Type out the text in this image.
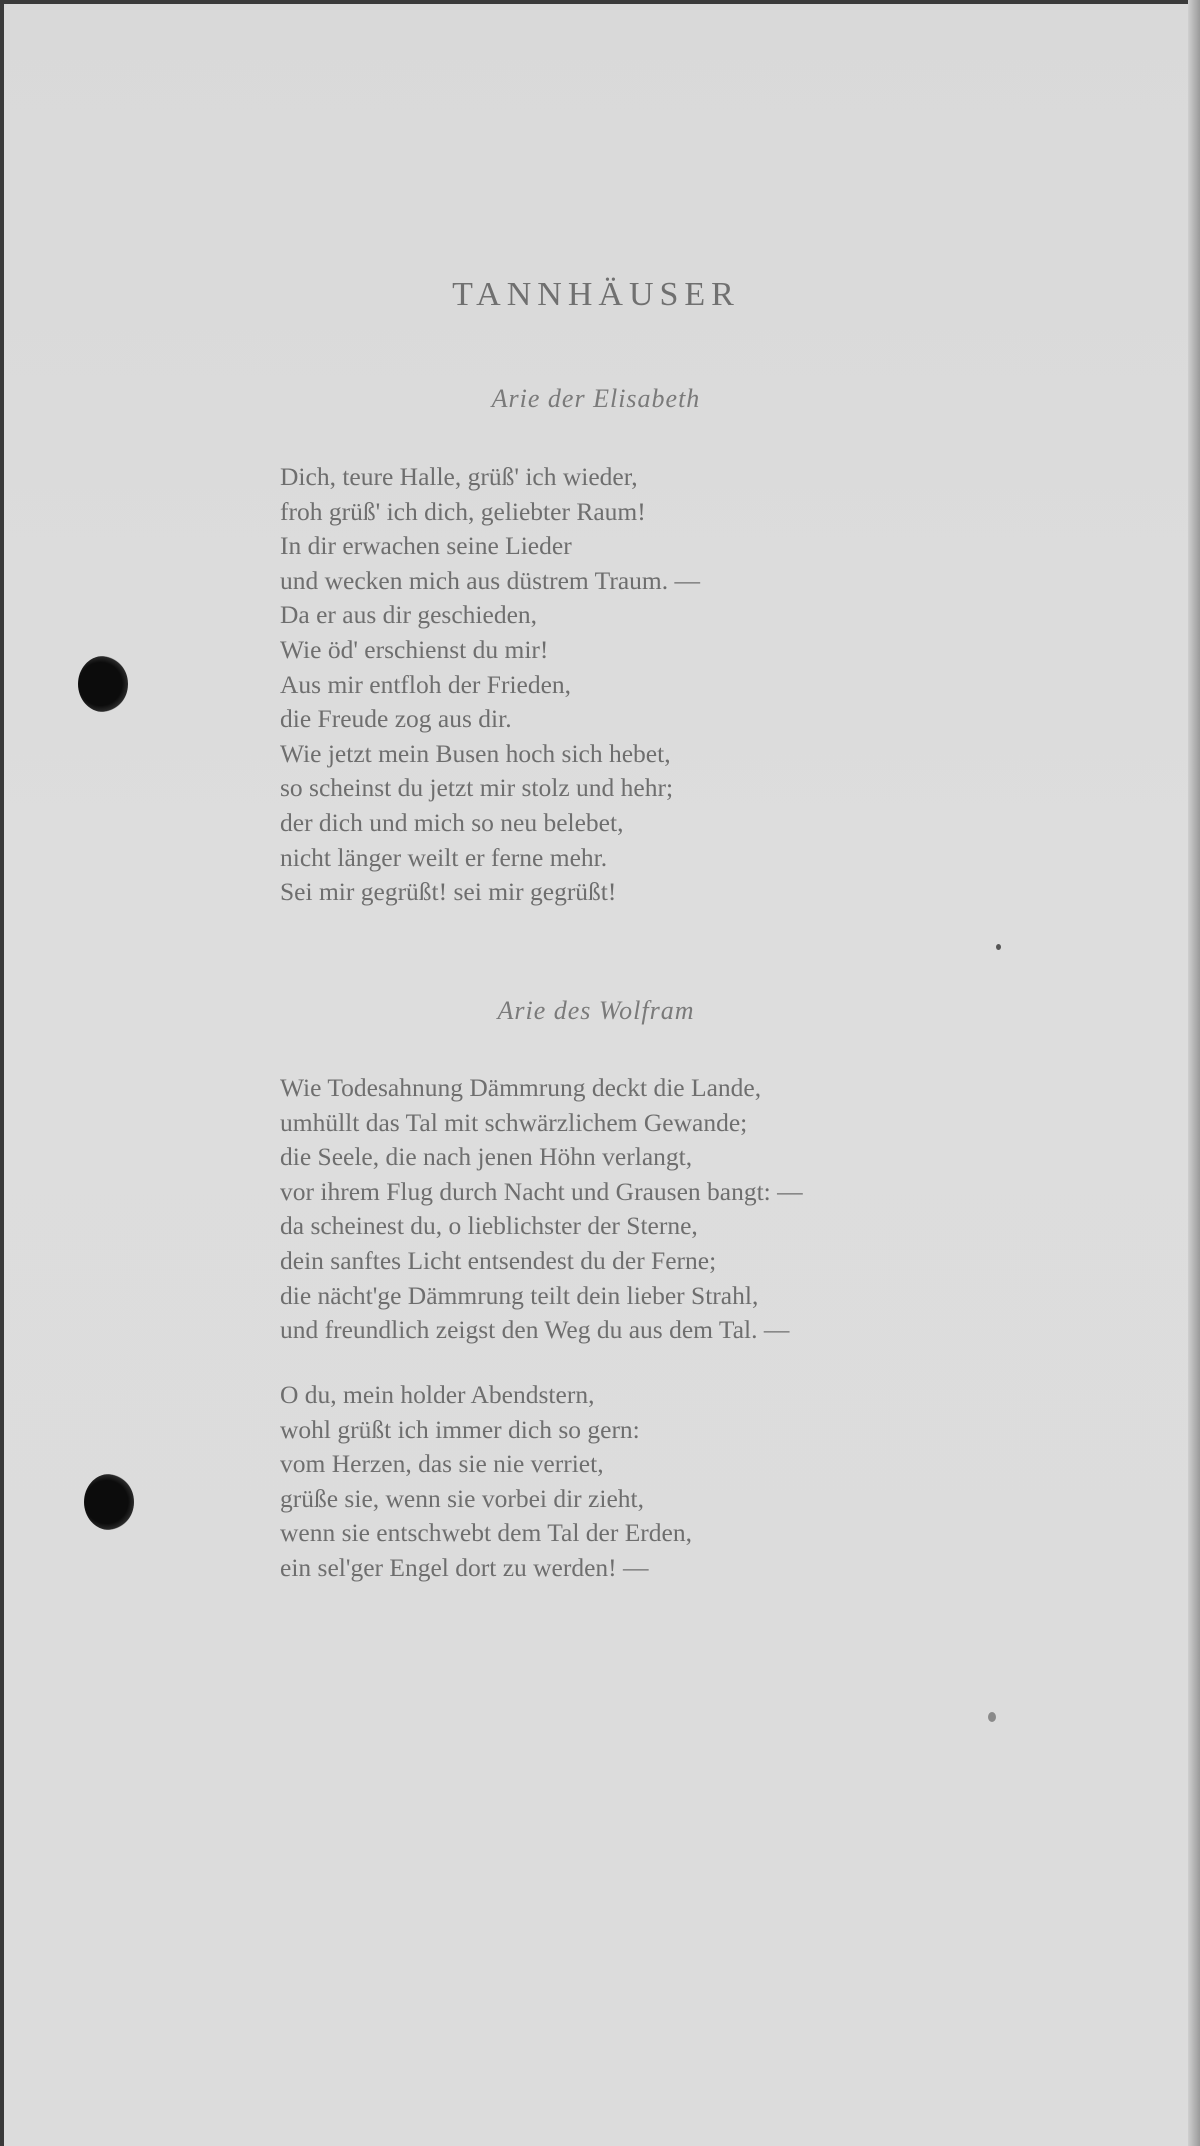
TANNHÄUSER
Arie der Elisabeth
Dich, teure Halle, grüß' ich wieder,
froh grüß' ich dich, geliebter Raum!
In dir erwachen seine Lieder
und wecken mich aus düstrem Traum. —
Da er aus dir geschieden,
Wie öd' erschienst du mir!
Aus mir entfloh der Frieden,
die Freude zog aus dir.
Wie jetzt mein Busen hoch sich hebet,
so scheinst du jetzt mir stolz und hehr;
der dich und mich so neu belebet,
nicht länger weilt er ferne mehr.
Sei mir gegrüßt! sei mir gegrüßt!
Arie des Wolfram
Wie Todesahnung Dämmrung deckt die Lande,
umhüllt das Tal mit schwärzlichem Gewande;
die Seele, die nach jenen Höhn verlangt,
vor ihrem Flug durch Nacht und Grausen bangt: —
da scheinest du, o lieblichster der Sterne,
dein sanftes Licht entsendest du der Ferne;
die nächt'ge Dämmrung teilt dein lieber Strahl,
und freundlich zeigst den Weg du aus dem Tal. —
O du, mein holder Abendstern,
wohl grüßt ich immer dich so gern:
vom Herzen, das sie nie verriet,
grüße sie, wenn sie vorbei dir zieht,
wenn sie entschwebt dem Tal der Erden,
ein sel'ger Engel dort zu werden! —
